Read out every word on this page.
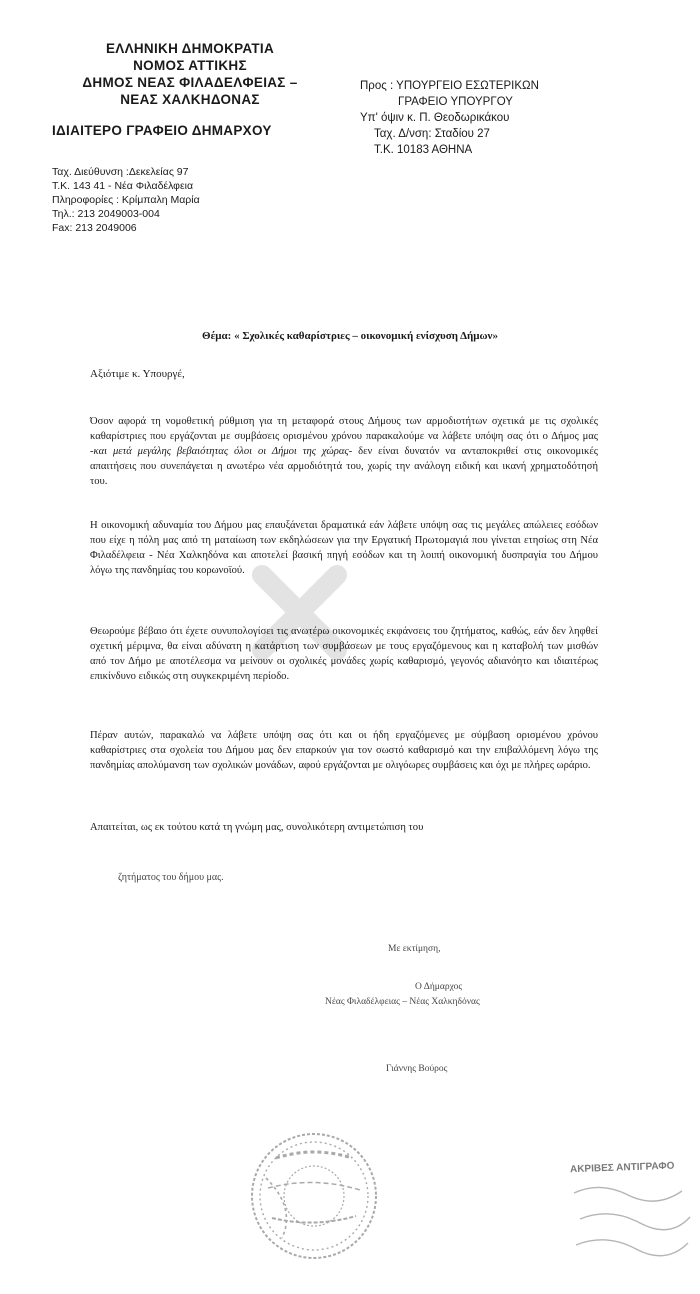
ΕΛΛΗΝΙΚΗ ΔΗΜΟΚΡΑΤΙΑ
ΝΟΜΟΣ ΑΤΤΙΚΗΣ
ΔΗΜΟΣ ΝΕΑΣ ΦΙΛΑΔΕΛΦΕΙΑΣ –
ΝΕΑΣ ΧΑΛΚΗΔΟΝΑΣ
ΙΔΙΑΙΤΕΡΟ ΓΡΑΦΕΙΟ ΔΗΜΑΡΧΟΥ
Ταχ. Διεύθυνση :Δεκελείας 97
Τ.Κ. 143 41 - Νέα Φιλαδέλφεια
Πληροφορίες : Κρίμπαλη Μαρία
Τηλ.: 213 2049003-004
Fax: 213 2049006
Προς : ΥΠΟΥΡΓΕΙΟ ΕΣΩΤΕΡΙΚΩΝ
ΓΡΑΦΕΙΟ ΥΠΟΥΡΓΟΥ
Υπ' όψιν κ. Π. Θεοδωρικάκου
Ταχ. Δ/νση: Σταδίου 27
Τ.Κ. 10183 ΑΘΗΝΑ
Θέμα: « Σχολικές καθαρίστριες – οικονομική ενίσχυση Δήμων»
Αξιότιμε κ. Υπουργέ,
Όσον αφορά τη νομοθετική ρύθμιση για τη μεταφορά στους Δήμους των αρμοδιοτήτων σχετικά με τις σχολικές καθαρίστριες που εργάζονται με συμβάσεις ορισμένου χρόνου παρακαλούμε να λάβετε υπόψη σας ότι ο Δήμος μας -και μετά μεγάλης βεβαιότητας όλοι οι Δήμοι της χώρας- δεν είναι δυνατόν να ανταποκριθεί στις οικονομικές απαιτήσεις που συνεπάγεται η ανωτέρω νέα αρμοδιότητά του, χωρίς την ανάλογη ειδική και ικανή χρηματοδότησή του.
Η οικονομική αδυναμία του Δήμου μας επαυξάνεται δραματικά εάν λάβετε υπόψη σας τις μεγάλες απώλειες εσόδων που είχε η πόλη μας από τη ματαίωση των εκδηλώσεων για την Εργατική Πρωτομαγιά που γίνεται ετησίως στη Νέα Φιλαδέλφεια - Νέα Χαλκηδόνα και αποτελεί βασική πηγή εσόδων και τη λοιπή οικονομική δυσπραγία του Δήμου λόγω της πανδημίας του κορωνοϊού.
Θεωρούμε βέβαιο ότι έχετε συνυπολογίσει τις ανωτέρω οικονομικές εκφάνσεις του ζητήματος, καθώς, εάν δεν ληφθεί σχετική μέριμνα, θα είναι αδύνατη η κατάρτιση των συμβάσεων με τους εργαζόμενους και η καταβολή των μισθών από τον Δήμο με αποτέλεσμα να μείνουν οι σχολικές μονάδες χωρίς καθαρισμό, γεγονός αδιανόητο και ιδιαιτέρως επικίνδυνο ειδικώς στη συγκεκριμένη περίοδο.
Πέραν αυτών, παρακαλώ να λάβετε υπόψη σας ότι και οι ήδη εργαζόμενες με σύμβαση ορισμένου χρόνου καθαρίστριες στα σχολεία του Δήμου μας δεν επαρκούν για τον σωστό καθαρισμό και την επιβαλλόμενη λόγω της πανδημίας απολύμανση των σχολικών μονάδων, αφού εργάζονται με ολιγόωρες συμβάσεις και όχι με πλήρες ωράριο.
Απαιτείται, ως εκ τούτου κατά τη γνώμη μας, συνολικότερη αντιμετώπιση του
ζητήματος του δήμου μας.
Με εκτίμηση,
Ο Δήμαρχος
Νέας Φιλαδέλφειας – Νέας Χαλκηδόνας
Γιάννης Βούρος
ΑΚΡΙΒΕΣ ΑΝΤΙΓΡΑΦΟ
